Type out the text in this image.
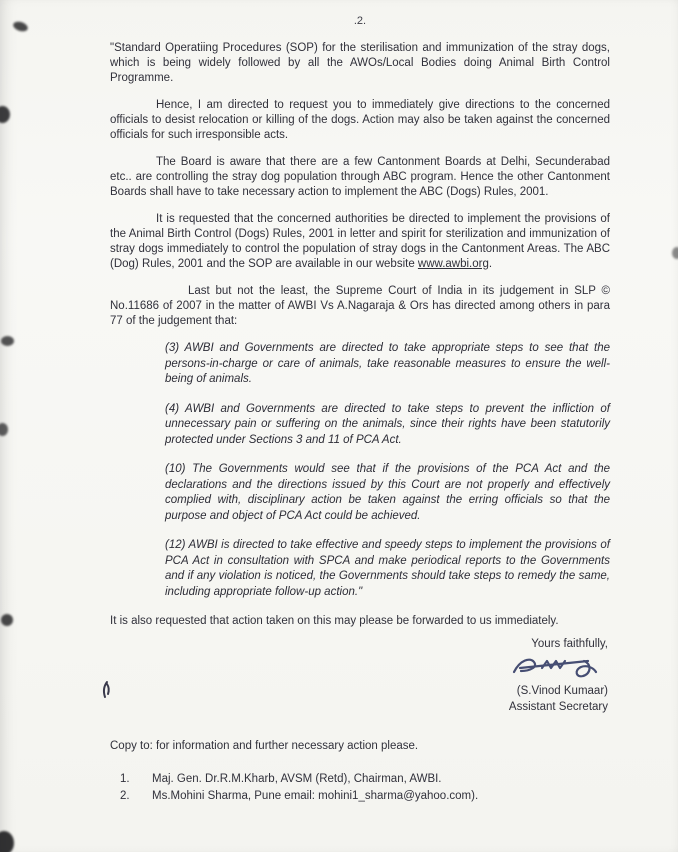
.2.

"Standard Operatiing Procedures (SOP) for the sterilisation and immunization of the stray dogs, which is being widely followed by all the AWOs/Local Bodies doing Animal Birth Control Programme.

Hence, I am directed to request you to immediately give directions to the concerned officials to desist relocation or killing of the dogs. Action may also be taken against the concerned officials for such irresponsible acts.

The Board is aware that there are a few Cantonment Boards at Delhi, Secunderabad etc.. are controlling the stray dog population through ABC program. Hence the other Cantonment Boards shall have to take necessary action to implement the ABC (Dogs) Rules, 2001.

It is requested that the concerned authorities be directed to implement the provisions of the Animal Birth Control (Dogs) Rules, 2001 in letter and spirit for sterilization and immunization of stray dogs immediately to control the population of stray dogs in the Cantonment Areas. The ABC (Dog) Rules, 2001 and the SOP are available in our website www.awbi.org.

Last but not the least, the Supreme Court of India in its judgement in SLP © No.11686 of 2007 in the matter of AWBI Vs A.Nagaraja & Ors has directed among others in para 77 of the judgement that:

(3) AWBI and Governments are directed to take appropriate steps to see that the persons-in-charge or care of animals, take reasonable measures to ensure the well-being of animals.

(4) AWBI and Governments are directed to take steps to prevent the infliction of unnecessary pain or suffering on the animals, since their rights have been statutorily protected under Sections 3 and 11 of PCA Act.

(10) The Governments would see that if the provisions of the PCA Act and the declarations and the directions issued by this Court are not properly and effectively complied with, disciplinary action be taken against the erring officials so that the purpose and object of PCA Act could be achieved.

(12) AWBI is directed to take effective and speedy steps to implement the provisions of PCA Act in consultation with SPCA and make periodical reports to the Governments and if any violation is noticed, the Governments should take steps to remedy the same, including appropriate follow-up action."

It is also requested that action taken on this may please be forwarded to us immediately.

Yours faithfully,

(S.Vinod Kumaar)

Assistant Secretary

Copy to: for information and further necessary action please.

1.	Maj. Gen. Dr.R.M.Kharb, AVSM (Retd), Chairman, AWBI.
2.	Ms.Mohini Sharma, Pune email: mohini1_sharma@yahoo.com).
